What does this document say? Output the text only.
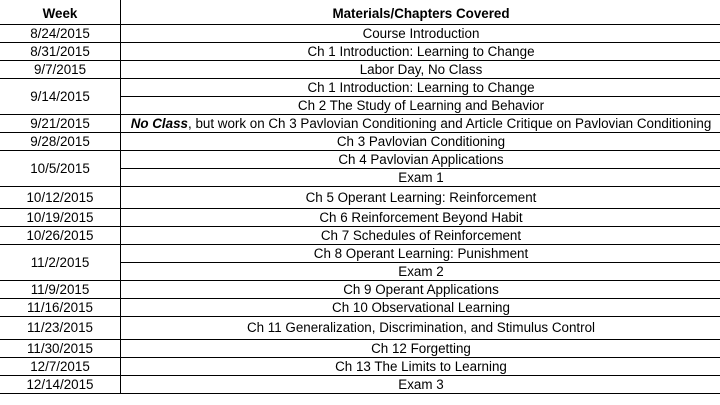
Week	Materials/Chapters Covered
8/24/2015	Course Introduction
8/31/2015	Ch 1 Introduction: Learning to Change
9/7/2015	Labor Day, No Class
9/14/2015	Ch 1 Introduction: Learning to Change
	Ch 2 The Study of Learning and Behavior
9/21/2015	No Class, but work on Ch 3 Pavlovian Conditioning and Article Critique on Pavlovian Conditioning
9/28/2015	Ch 3 Pavlovian Conditioning
10/5/2015	Ch 4 Pavlovian Applications
	Exam 1
10/12/2015	Ch 5 Operant Learning: Reinforcement
10/19/2015	Ch 6 Reinforcement Beyond Habit
10/26/2015	Ch 7 Schedules of Reinforcement
11/2/2015	Ch 8 Operant Learning: Punishment
	Exam 2
11/9/2015	Ch 9 Operant Applications
11/16/2015	Ch 10 Observational Learning
11/23/2015	Ch 11 Generalization, Discrimination, and Stimulus Control
11/30/2015	Ch 12 Forgetting
12/7/2015	Ch 13 The Limits to Learning
12/14/2015	Exam 3
